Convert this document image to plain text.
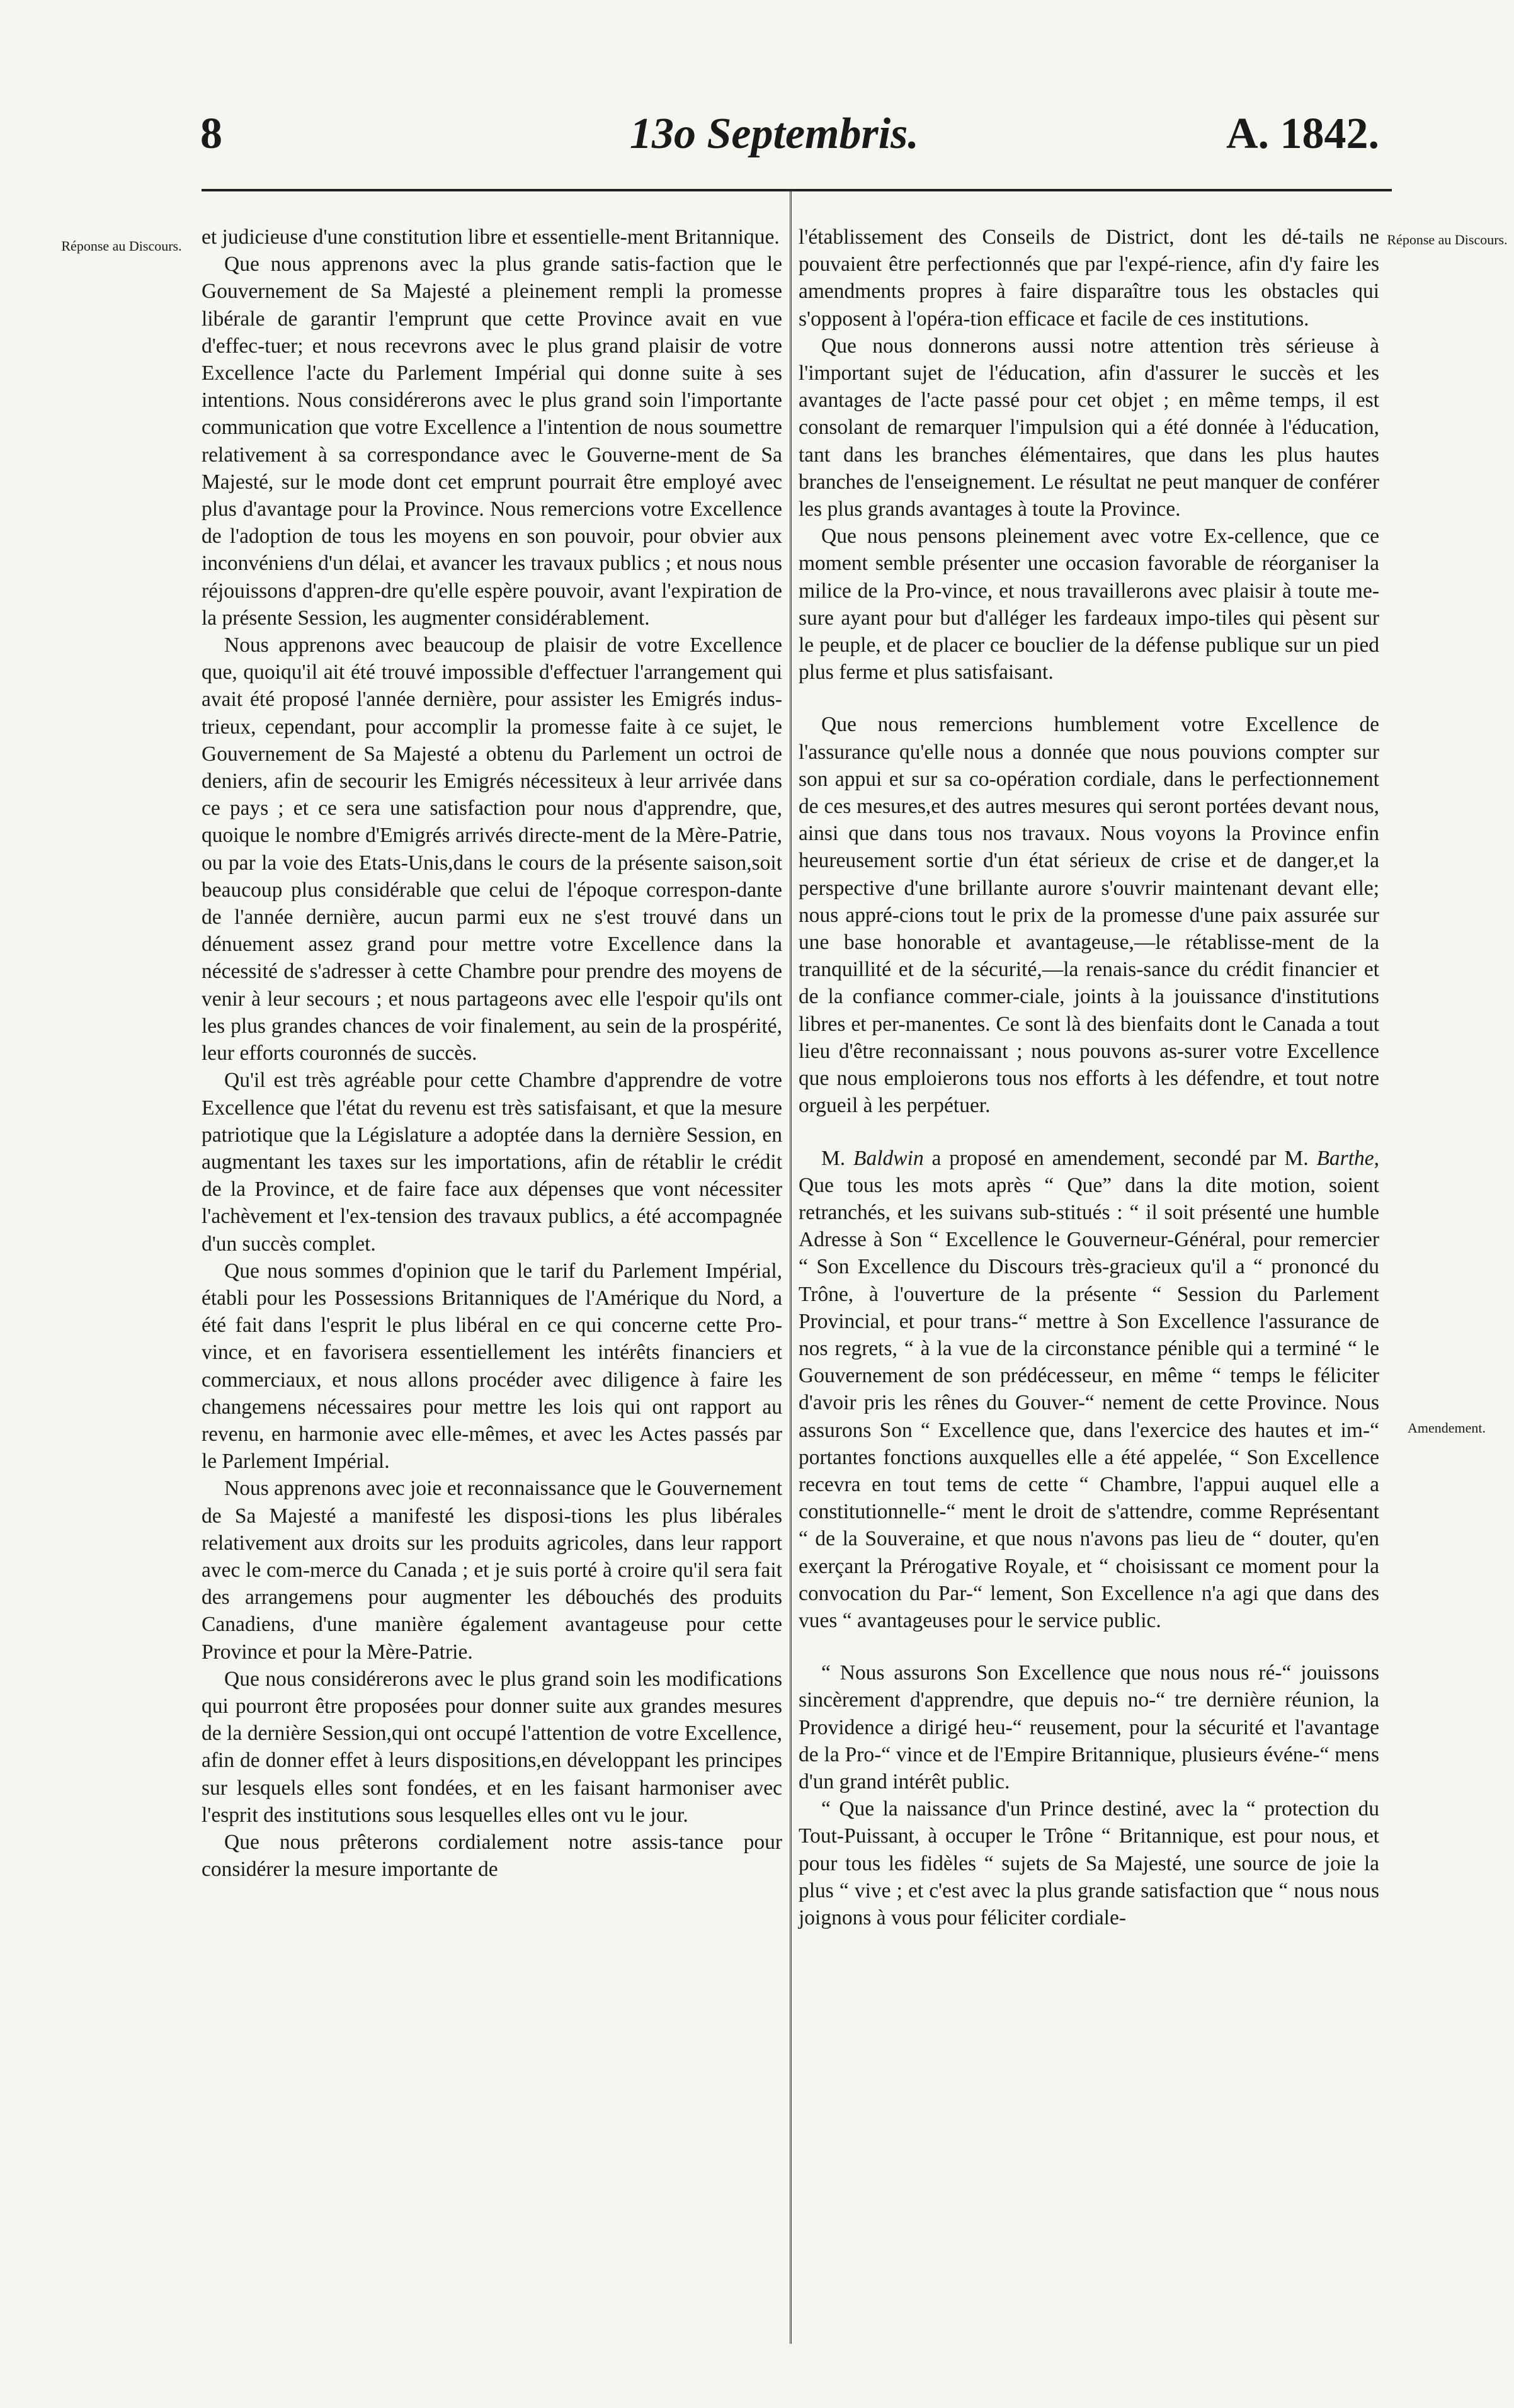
8	13o Septembris.	A. 1842.
Réponse au Discours.	Réponse au Discours.
Amendement.

et judicieuse d'une constitution libre et essentielle-ment Britannique.

Que nous apprenons avec la plus grande satis-faction que le Gouvernement de Sa Majesté a pleinement rempli la promesse libérale de garantir l'emprunt que cette Province avait en vue d'effec-tuer; et nous recevrons avec le plus grand plaisir de votre Excellence l'acte du Parlement Impérial qui donne suite à ses intentions. Nous considérerons avec le plus grand soin l'importante communication que votre Excellence a l'intention de nous soumettre relativement à sa correspondance avec le Gouverne-ment de Sa Majesté, sur le mode dont cet emprunt pourrait être employé avec plus d'avantage pour la Province. Nous remercions votre Excellence de l'adoption de tous les moyens en son pouvoir, pour obvier aux inconvéniens d'un délai, et avancer les travaux publics ; et nous nous réjouissons d'appren-dre qu'elle espère pouvoir, avant l'expiration de la présente Session, les augmenter considérablement.

Nous apprenons avec beaucoup de plaisir de votre Excellence que, quoiqu'il ait été trouvé impossible d'effectuer l'arrangement qui avait été proposé l'année dernière, pour assister les Emigrés indus-trieux, cependant, pour accomplir la promesse faite à ce sujet, le Gouvernement de Sa Majesté a obtenu du Parlement un octroi de deniers, afin de secourir les Emigrés nécessiteux à leur arrivée dans ce pays ; et ce sera une satisfaction pour nous d'apprendre, que, quoique le nombre d'Emigrés arrivés directe-ment de la Mère-Patrie, ou par la voie des Etats-Unis,dans le cours de la présente saison,soit beaucoup plus considérable que celui de l'époque correspon-dante de l'année dernière, aucun parmi eux ne s'est trouvé dans un dénuement assez grand pour mettre votre Excellence dans la nécessité de s'adresser à cette Chambre pour prendre des moyens de venir à leur secours ; et nous partageons avec elle l'espoir qu'ils ont les plus grandes chances de voir finalement, au sein de la prospérité, leur efforts couronnés de succès.

Qu'il est très agréable pour cette Chambre d'apprendre de votre Excellence que l'état du revenu est très satisfaisant, et que la mesure patriotique que la Législature a adoptée dans la dernière Session, en augmentant les taxes sur les importations, afin de rétablir le crédit de la Province, et de faire face aux dépenses que vont nécessiter l'achèvement et l'ex-tension des travaux publics, a été accompagnée d'un succès complet.

Que nous sommes d'opinion que le tarif du Parlement Impérial, établi pour les Possessions Britanniques de l'Amérique du Nord, a été fait dans l'esprit le plus libéral en ce qui concerne cette Pro-vince, et en favorisera essentiellement les intérêts financiers et commerciaux, et nous allons procéder avec diligence à faire les changemens nécessaires pour mettre les lois qui ont rapport au revenu, en harmonie avec elle-mêmes, et avec les Actes passés par le Parlement Impérial.

Nous apprenons avec joie et reconnaissance que le Gouvernement de Sa Majesté a manifesté les disposi-tions les plus libérales relativement aux droits sur les produits agricoles, dans leur rapport avec le com-merce du Canada ; et je suis porté à croire qu'il sera fait des arrangemens pour augmenter les débouchés des produits Canadiens, d'une manière également avantageuse pour cette Province et pour la Mère-Patrie.

Que nous considérerons avec le plus grand soin les modifications qui pourront être proposées pour donner suite aux grandes mesures de la dernière Session,qui ont occupé l'attention de votre Excellence, afin de donner effet à leurs dispositions,en développant les principes sur lesquels elles sont fondées, et en les faisant harmoniser avec l'esprit des institutions sous lesquelles elles ont vu le jour.

Que nous prêterons cordialement notre assis-tance pour considérer la mesure importante de

l'établissement des Conseils de District, dont les dé-tails ne pouvaient être perfectionnés que par l'expé-rience, afin d'y faire les amendments propres à faire disparaître tous les obstacles qui s'opposent à l'opéra-tion efficace et facile de ces institutions.

Que nous donnerons aussi notre attention très sérieuse à l'important sujet de l'éducation, afin d'assurer le succès et les avantages de l'acte passé pour cet objet ; en même temps, il est consolant de remarquer l'impulsion qui a été donnée à l'éducation, tant dans les branches élémentaires, que dans les plus hautes branches de l'enseignement. Le résultat ne peut manquer de conférer les plus grands avantages à toute la Province.

Que nous pensons pleinement avec votre Ex-cellence, que ce moment semble présenter une occasion favorable de réorganiser la milice de la Pro-vince, et nous travaillerons avec plaisir à toute me-sure ayant pour but d'alléger les fardeaux impo-tiles qui pèsent sur le peuple, et de placer ce bouclier de la défense publique sur un pied plus ferme et plus satisfaisant.

Que nous remercions humblement votre Excellence de l'assurance qu'elle nous a donnée que nous pouvions compter sur son appui et sur sa co-opération cordiale, dans le perfectionnement de ces mesures,et des autres mesures qui seront portées devant nous, ainsi que dans tous nos travaux. Nous voyons la Province enfin heureusement sortie d'un état sérieux de crise et de danger,et la perspective d'une brillante aurore s'ouvrir maintenant devant elle; nous appré-cions tout le prix de la promesse d'une paix assurée sur une base honorable et avantageuse,—le rétablisse-ment de la tranquillité et de la sécurité,—la renais-sance du crédit financier et de la confiance commer-ciale, joints à la jouissance d'institutions libres et per-manentes. Ce sont là des bienfaits dont le Canada a tout lieu d'être reconnaissant ; nous pouvons as-surer votre Excellence que nous emploierons tous nos efforts à les défendre, et tout notre orgueil à les perpétuer.

M. Baldwin a proposé en amendement, secondé par M. Barthe, Que tous les mots après “ Que” dans la dite motion, soient retranchés, et les suivans sub-stitués : “ il soit présenté une humble Adresse à Son “ Excellence le Gouverneur-Général, pour remercier “ Son Excellence du Discours très-gracieux qu'il a “ prononcé du Trône, à l'ouverture de la présente “ Session du Parlement Provincial, et pour trans-“ mettre à Son Excellence l'assurance de nos regrets, “ à la vue de la circonstance pénible qui a terminé “ le Gouvernement de son prédécesseur, en même “ temps le féliciter d'avoir pris les rênes du Gouver-“ nement de cette Province. Nous assurons Son “ Excellence que, dans l'exercice des hautes et im-“ portantes fonctions auxquelles elle a été appelée, “ Son Excellence recevra en tout tems de cette “ Chambre, l'appui auquel elle a constitutionnelle-“ ment le droit de s'attendre, comme Représentant “ de la Souveraine, et que nous n'avons pas lieu de “ douter, qu'en exerçant la Prérogative Royale, et “ choisissant ce moment pour la convocation du Par-“ lement, Son Excellence n'a agi que dans des vues “ avantageuses pour le service public.

“ Nous assurons Son Excellence que nous nous ré-“ jouissons sincèrement d'apprendre, que depuis no-“ tre dernière réunion, la Providence a dirigé heu-“ reusement, pour la sécurité et l'avantage de la Pro-“ vince et de l'Empire Britannique, plusieurs événe-“ mens d'un grand intérêt public.

“ Que la naissance d'un Prince destiné, avec la “ protection du Tout-Puissant, à occuper le Trône “ Britannique, est pour nous, et pour tous les fidèles “ sujets de Sa Majesté, une source de joie la plus “ vive ; et c'est avec la plus grande satisfaction que “ nous nous joignons à vous pour féliciter cordiale-
